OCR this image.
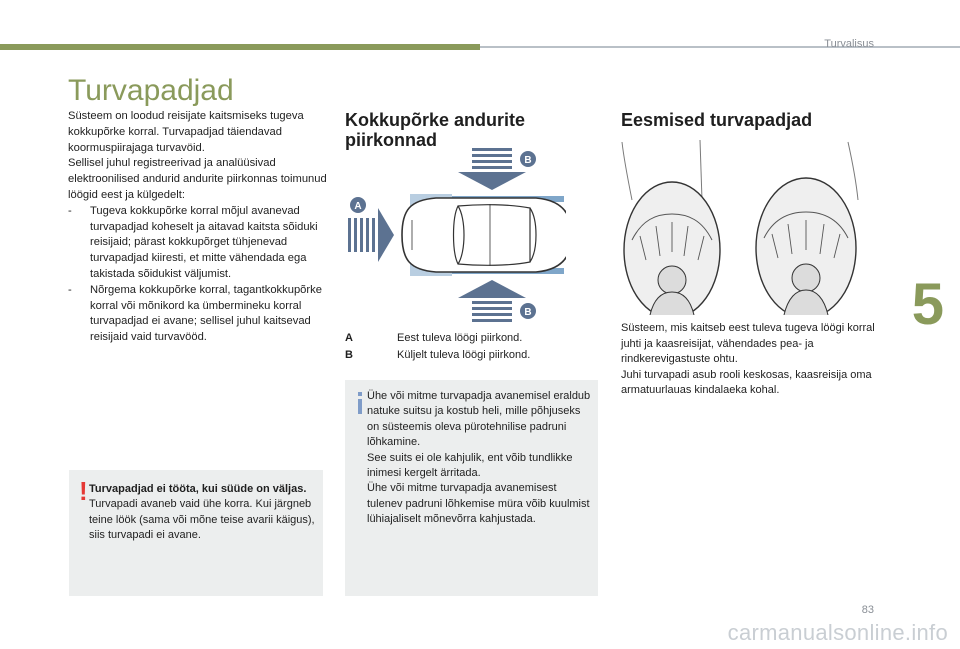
Turvalisus
5
Turvapadjad
Süsteem on loodud reisijate kaitsmiseks tugeva kokkupõrke korral. Turvapadjad täiendavad koormuspiirajaga turvavöid.
Sellisel juhul registreerivad ja analüüsivad elektroonilised andurid andurite piirkonnas toimunud löögid eest ja külgedelt:
-	Tugeva kokkupõrke korral mõjul avanevad turvapadjad koheselt ja aitavad kaitsta sõiduki reisijaid; pärast kokkupõrget tühjenevad turvapadjad kiiresti, et mitte vähendada ega takistada sõidukist väljumist.
-	Nõrgema kokkupõrke korral, tagantkokkupõrke korral või mõnikord ka ümbermineku korral turvapadjad ei avane; sellisel juhul kaitsevad reisijaid vaid turvavööd.
! Turvapadjad ei tööta, kui süüde on väljas.
Turvapadi avaneb vaid ühe korra. Kui järgneb teine löök (sama või mõne teise avarii käigus), siis turvapadi ei avane.
Kokkupõrke andurite piirkonnad
B
A
B
A	Eest tuleva löögi piirkond.
B	Küljelt tuleva löögi piirkond.
Ühe või mitme turvapadja avanemisel eraldub natuke suitsu ja kostub heli, mille põhjuseks on süsteemis oleva pürotehnilise padruni lõhkamine.
See suits ei ole kahjulik, ent võib tundlikke inimesi kergelt ärritada.
Ühe või mitme turvapadja avanemisest tulenev padruni lõhkemise müra võib kuulmist lühiajaliselt mõnevõrra kahjustada.
Eesmised turvapadjad
Süsteem, mis kaitseb eest tuleva tugeva löögi korral juhti ja kaasreisijat, vähendades pea- ja rindkerevigastuste ohtu.
Juhi turvapadi asub rooli keskosas, kaasreisija oma armatuurlauas kindalaeka kohal.
83
carmanualsonline.info
